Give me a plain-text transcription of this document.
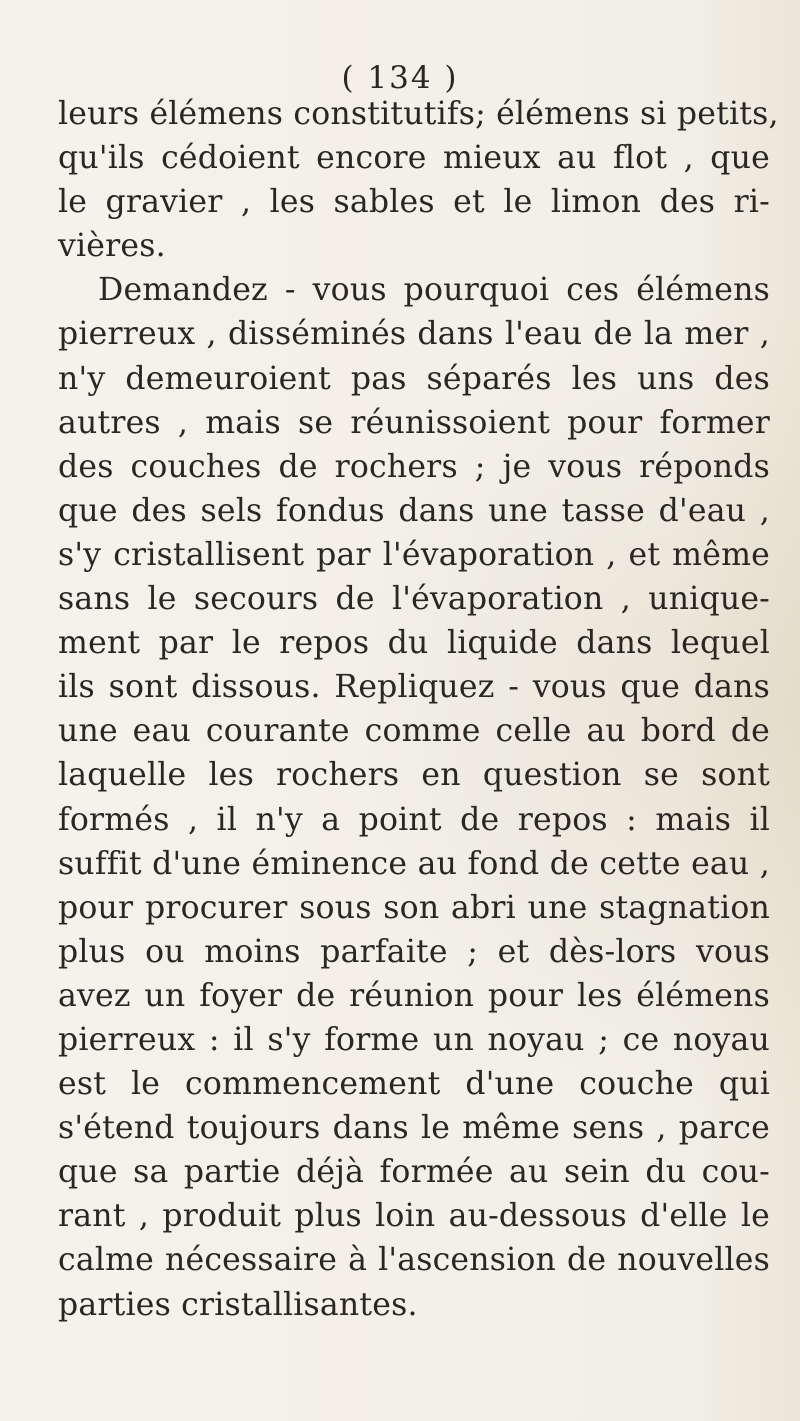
( 134 )
leurs élémens constitutifs; élémens si petits,
qu'ils cédoient encore mieux au flot , que
le gravier , les sables et le limon des ri-
vières.
Demandez - vous pourquoi ces élémens
pierreux , disséminés dans l'eau de la mer ,
n'y demeuroient pas séparés les uns des
autres , mais se réunissoient pour former
des couches de rochers ; je vous réponds
que des sels fondus dans une tasse d'eau ,
s'y cristallisent par l'évaporation , et même
sans le secours de l'évaporation , unique-
ment par le repos du liquide dans lequel
ils sont dissous. Repliquez - vous que dans
une eau courante comme celle au bord de
laquelle les rochers en question se sont
formés , il n'y a point de repos : mais il
suffit d'une éminence au fond de cette eau ,
pour procurer sous son abri une stagnation
plus ou moins parfaite ; et dès-lors vous
avez un foyer de réunion pour les élémens
pierreux : il s'y forme un noyau ; ce noyau
est le commencement d'une couche qui
s'étend toujours dans le même sens , parce
que sa partie déjà formée au sein du cou-
rant , produit plus loin au-dessous d'elle le
calme nécessaire à l'ascension de nouvelles
parties cristallisantes.
